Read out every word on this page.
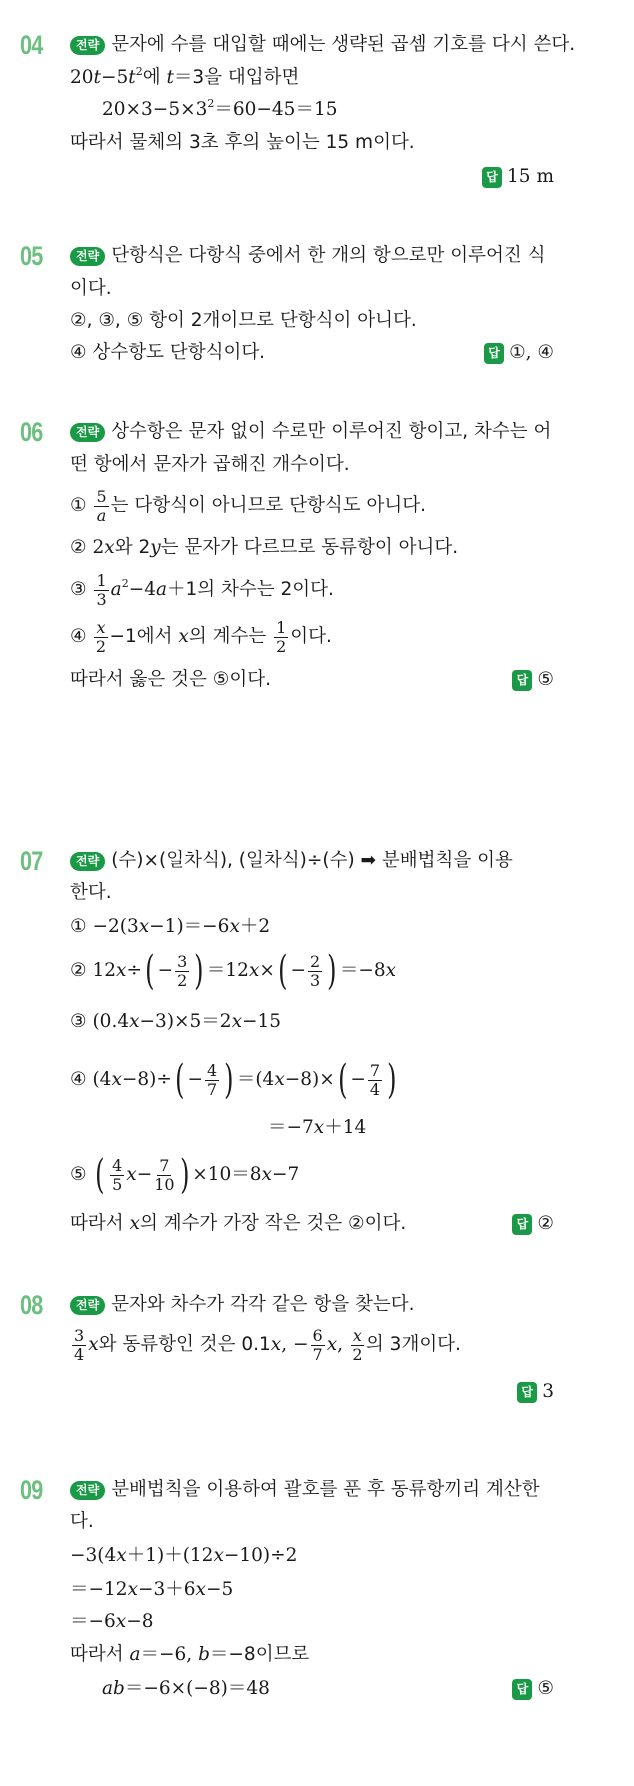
04	전략 문자에 수를 대입할 때에는 생략된 곱셈 기호를 다시 쓴다.
20 t −5 $t^2$ 에 t ＝3을 대입하면
$20\times 3-5\times 3^2 =60-45=15$
따라서 물체의 3초 후의 높이는 15 m이다.
답 15 m
05	전략 단항식은 다항식 중에서 한 개의 항으로만 이루어진 식
이다.
②, ③, ⑤ 항이 2개이므로 단항식이 아니다.
④ 상수항도 단항식이다.	답 ①, ④
06	전략 상수항은 문자 없이 수로만 이루어진 항이고, 차수는 어
떤 항에서 문자가 곱해진 개수이다.
① $\frac{5}{a}$ 는 다항식이 아니므로 단항식도 아니다.
② 2 x 와 2 y 는 문자가 다르므로 동류항이 아니다.
③ $\frac{1}{3} a^2 -4$ a ＋1의 차수는 2이다.
④ $\frac{x}{2} -1$에서 x 의 계수는 $\frac{1}{2}$ 이다.
따라서 옳은 것은 ⑤이다.	답 ⑤
07	전략 (수)×(일차식), (일차식)÷(수) ➡ 분배법칙을 이용
한다.
① −2(3 x −1)＝−6 x ＋2
② 12 x ÷ ( − $\frac{3}{2}$ ) ＝12 x × ( − $\frac{2}{3}$ ) ＝−8 x
③ (0.4 x −3)×5＝2 x −15
④ (4 x −8)÷ ( − $\frac{4}{7}$ ) ＝(4 x −8)× ( − $\frac{7}{4}$ )
＝−7 x ＋14
⑤ ( $\frac{4}{5}$ $x - \frac{7}{10}$ ) ×10＝8 x −7
따라서 x 의 계수가 가장 작은 것은 ②이다.	답 ②
08	전략 문자와 차수가 각각 같은 항을 찾는다.
$\frac{3}{4}$ x 와 동류항인 것은 0.1 x , − $\frac{6}{7}$ x , $\frac{x}{2}$ 의 3개이다.
답 3
09	전략 분배법칙을 이용하여 괄호를 푼 후 동류항끼리 계산한
다.
−3(4 x ＋1)＋(12 x −10)÷2
＝−12 x −3＋6 x −5
＝−6 x −8
따라서 a ＝−6, b ＝−8이므로
ab ＝−6×(−8)＝48	답 ⑤
